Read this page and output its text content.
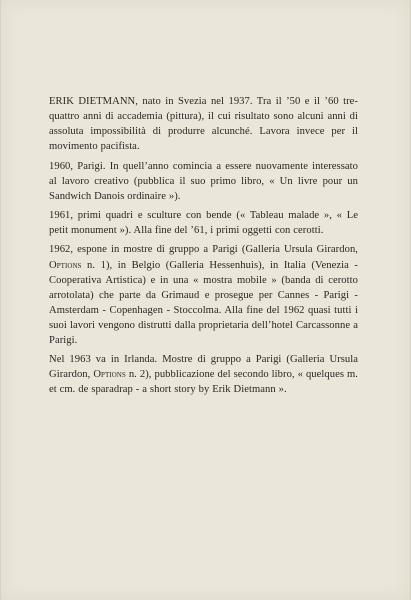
ERIK DIETMANN, nato in Svezia nel 1937. Tra il ’50 e il ’60 tre-quattro anni di accademia (pittura), il cui risultato sono alcuni anni di assoluta impossibilità di produrre alcunché. Lavora invece per il movimento pacifista.

1960, Parigi. In quell’anno comincia a essere nuovamente interessato al lavoro creativo (pubblica il suo primo libro, « Un livre pour un Sandwich Danois ordinaire »).

1961, primi quadri e sculture con bende (« Tableau malade », « Le petit monument »). Alla fine del ’61, i primi oggetti con cerotti.

1962, espone in mostre di gruppo a Parigi (Galleria Ursula Girardon, Options n. 1), in Belgio (Galleria Hessenhuis), in Italia (Venezia - Cooperativa Artistica) e in una « mostra mobile » (banda di cerotto arrotolata) che parte da Grimaud e prosegue per Cannes - Parigi - Amsterdam - Copenhagen - Stoccolma. Alla fine del 1962 quasi tutti i suoi lavori vengono distrutti dalla proprietaria dell’hotel Carcassonne a Parigi.

Nel 1963 va in Irlanda. Mostre di gruppo a Parigi (Galleria Ursula Girardon, Options n. 2), pubblicazione del secondo libro, « quelques m. et cm. de sparadrap - a short story by Erik Dietmann ».
